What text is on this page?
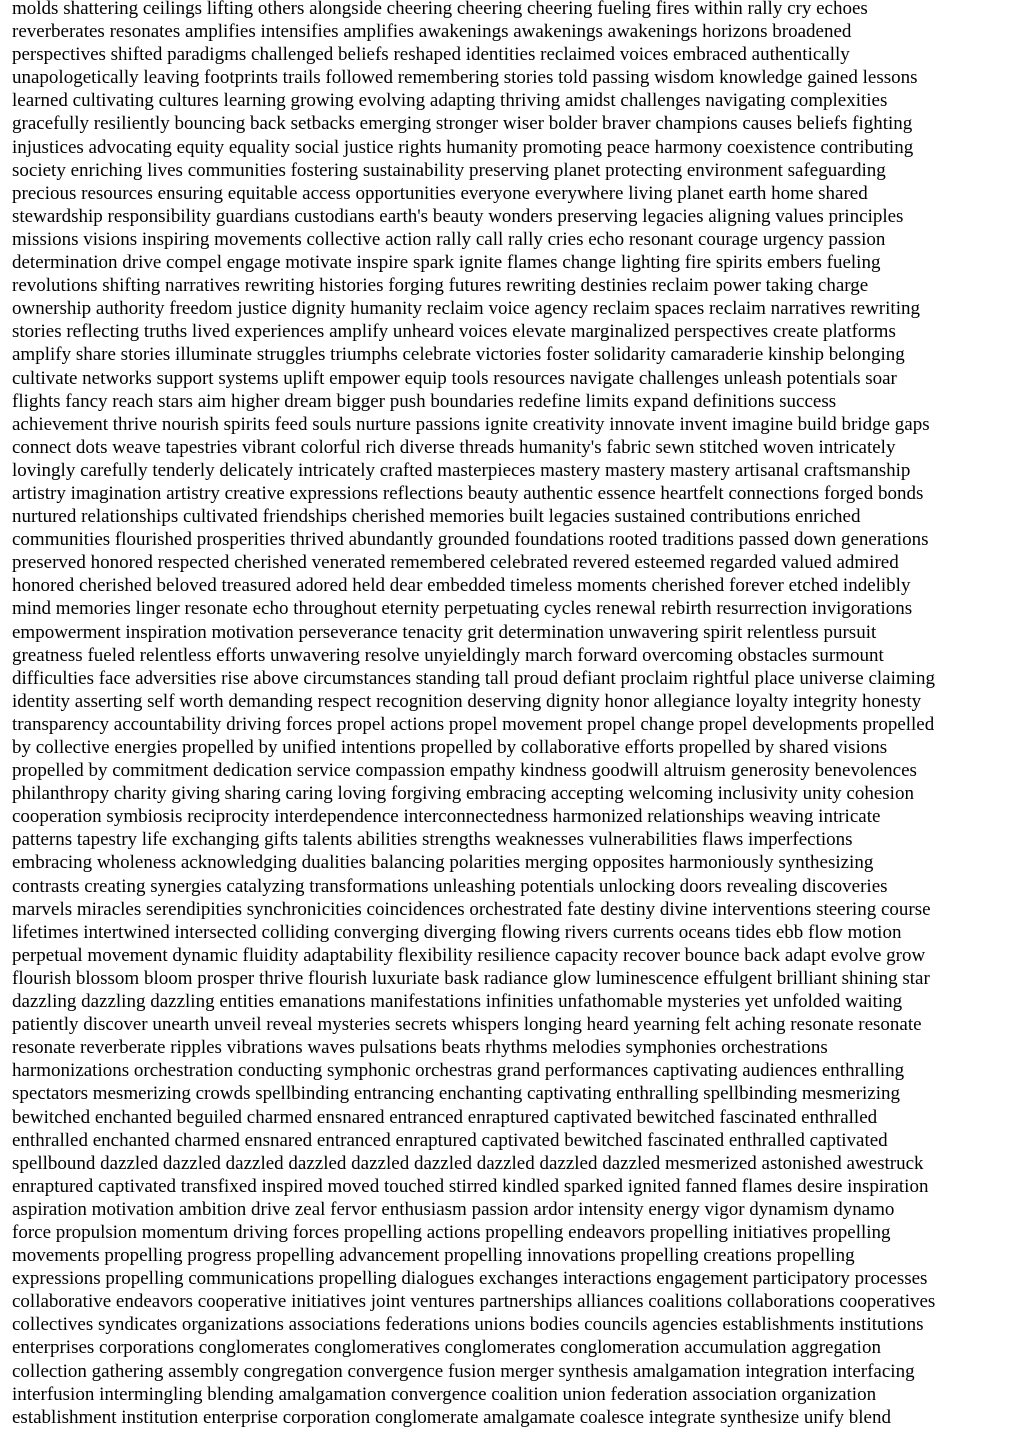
molds shattering ceilings lifting others alongside cheering cheering cheering fueling fires within rally cry echoes
reverberates resonates amplifies intensifies amplifies awakenings awakenings awakenings horizons broadened
perspectives shifted paradigms challenged beliefs reshaped identities reclaimed voices embraced authentically
unapologetically leaving footprints trails followed remembering stories told passing wisdom knowledge gained lessons
learned cultivating cultures learning growing evolving adapting thriving amidst challenges navigating complexities
gracefully resiliently bouncing back setbacks emerging stronger wiser bolder braver champions causes beliefs fighting
injustices advocating equity equality social justice rights humanity promoting peace harmony coexistence contributing
society enriching lives communities fostering sustainability preserving planet protecting environment safeguarding
precious resources ensuring equitable access opportunities everyone everywhere living planet earth home shared
stewardship responsibility guardians custodians earth's beauty wonders preserving legacies aligning values principles
missions visions inspiring movements collective action rally call rally cries echo resonant courage urgency passion
determination drive compel engage motivate inspire spark ignite flames change lighting fire spirits embers fueling
revolutions shifting narratives rewriting histories forging futures rewriting destinies reclaim power taking charge
ownership authority freedom justice dignity humanity reclaim voice agency reclaim spaces reclaim narratives rewriting
stories reflecting truths lived experiences amplify unheard voices elevate marginalized perspectives create platforms
amplify share stories illuminate struggles triumphs celebrate victories foster solidarity camaraderie kinship belonging
cultivate networks support systems uplift empower equip tools resources navigate challenges unleash potentials soar
flights fancy reach stars aim higher dream bigger push boundaries redefine limits expand definitions success
achievement thrive nourish spirits feed souls nurture passions ignite creativity innovate invent imagine build bridge gaps
connect dots weave tapestries vibrant colorful rich diverse threads humanity's fabric sewn stitched woven intricately
lovingly carefully tenderly delicately intricately crafted masterpieces mastery mastery mastery artisanal craftsmanship
artistry imagination artistry creative expressions reflections beauty authentic essence heartfelt connections forged bonds
nurtured relationships cultivated friendships cherished memories built legacies sustained contributions enriched
communities flourished prosperities thrived abundantly grounded foundations rooted traditions passed down generations
preserved honored respected cherished venerated remembered celebrated revered esteemed regarded valued admired
honored cherished beloved treasured adored held dear embedded timeless moments cherished forever etched indelibly
mind memories linger resonate echo throughout eternity perpetuating cycles renewal rebirth resurrection invigorations
empowerment inspiration motivation perseverance tenacity grit determination unwavering spirit relentless pursuit
greatness fueled relentless efforts unwavering resolve unyieldingly march forward overcoming obstacles surmount
difficulties face adversities rise above circumstances standing tall proud defiant proclaim rightful place universe claiming
identity asserting self worth demanding respect recognition deserving dignity honor allegiance loyalty integrity honesty
transparency accountability driving forces propel actions propel movement propel change propel developments propelled
by collective energies propelled by unified intentions propelled by collaborative efforts propelled by shared visions
propelled by commitment dedication service compassion empathy kindness goodwill altruism generosity benevolences
philanthropy charity giving sharing caring loving forgiving embracing accepting welcoming inclusivity unity cohesion
cooperation symbiosis reciprocity interdependence interconnectedness harmonized relationships weaving intricate
patterns tapestry life exchanging gifts talents abilities strengths weaknesses vulnerabilities flaws imperfections
embracing wholeness acknowledging dualities balancing polarities merging opposites harmoniously synthesizing
contrasts creating synergies catalyzing transformations unleashing potentials unlocking doors revealing discoveries
marvels miracles serendipities synchronicities coincidences orchestrated fate destiny divine interventions steering course
lifetimes intertwined intersected colliding converging diverging flowing rivers currents oceans tides ebb flow motion
perpetual movement dynamic fluidity adaptability flexibility resilience capacity recover bounce back adapt evolve grow
flourish blossom bloom prosper thrive flourish luxuriate bask radiance glow luminescence effulgent brilliant shining star
dazzling dazzling dazzling entities emanations manifestations infinities unfathomable mysteries yet unfolded waiting
patiently discover unearth unveil reveal mysteries secrets whispers longing heard yearning felt aching resonate resonate
resonate reverberate ripples vibrations waves pulsations beats rhythms melodies symphonies orchestrations
harmonizations orchestration conducting symphonic orchestras grand performances captivating audiences enthralling
spectators mesmerizing crowds spellbinding entrancing enchanting captivating enthralling spellbinding mesmerizing
bewitched enchanted beguiled charmed ensnared entranced enraptured captivated bewitched fascinated enthralled
enthralled enchanted charmed ensnared entranced enraptured captivated bewitched fascinated enthralled captivated
spellbound dazzled dazzled dazzled dazzled dazzled dazzled dazzled dazzled dazzled mesmerized astonished awestruck
enraptured captivated transfixed inspired moved touched stirred kindled sparked ignited fanned flames desire inspiration
aspiration motivation ambition drive zeal fervor enthusiasm passion ardor intensity energy vigor dynamism dynamo
force propulsion momentum driving forces propelling actions propelling endeavors propelling initiatives propelling
movements propelling progress propelling advancement propelling innovations propelling creations propelling
expressions propelling communications propelling dialogues exchanges interactions engagement participatory processes
collaborative endeavors cooperative initiatives joint ventures partnerships alliances coalitions collaborations cooperatives
collectives syndicates organizations associations federations unions bodies councils agencies establishments institutions
enterprises corporations conglomerates conglomeratives conglomerates conglomeration accumulation aggregation
collection gathering assembly congregation convergence fusion merger synthesis amalgamation integration interfacing
interfusion intermingling blending amalgamation convergence coalition union federation association organization
establishment institution enterprise corporation conglomerate amalgamate coalesce integrate synthesize unify blend
